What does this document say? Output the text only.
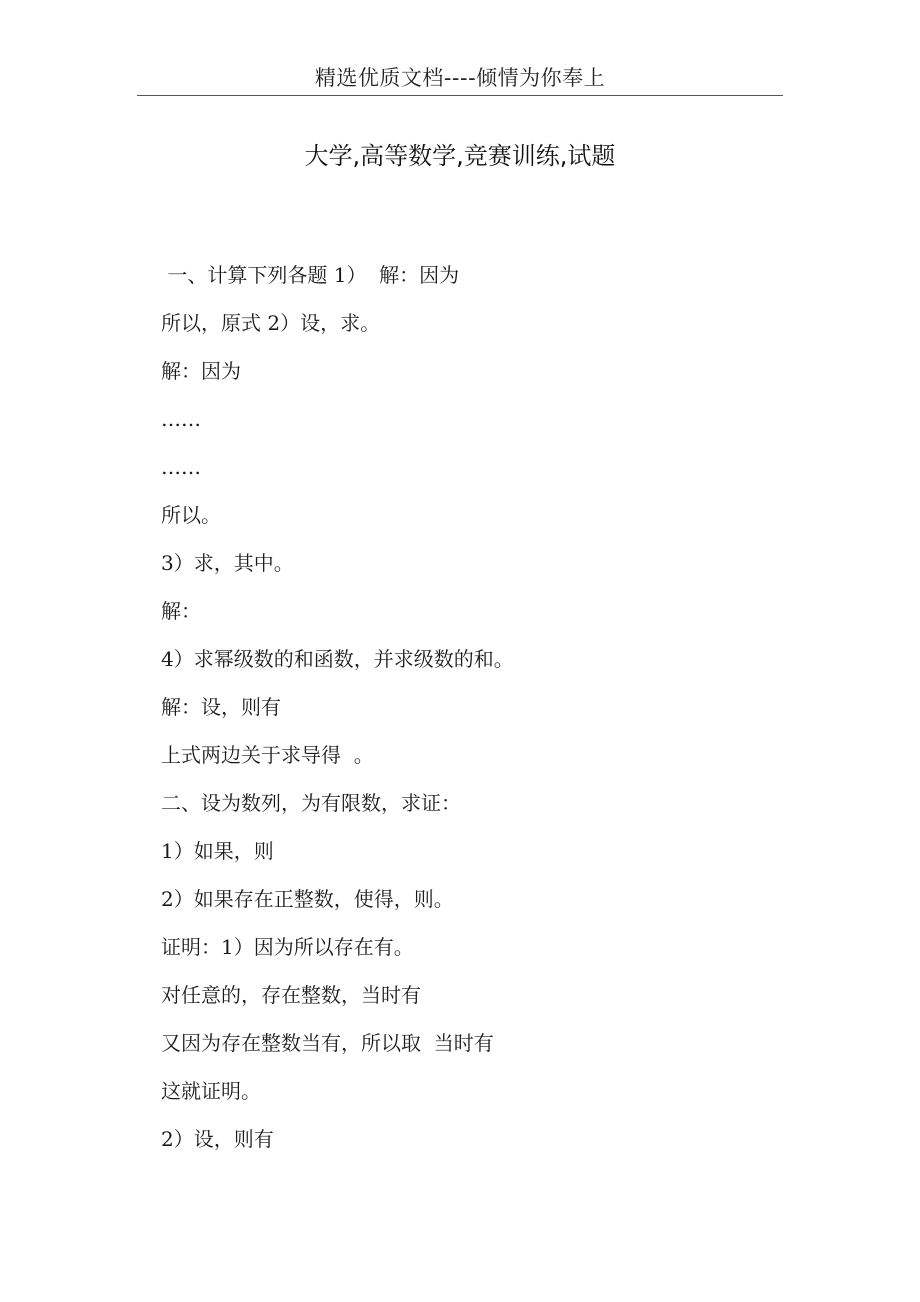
精选优质文档----倾情为你奉上
大学,高等数学,竞赛训练,试题
一、计算下列各题 1）  解：因为
所以，原式 2）设，求。
解：因为
……
……
所以。
3）求，其中。
解：
4）求幂级数的和函数，并求级数的和。
解：设，则有
上式两边关于求导得  。
二、设为数列，为有限数，求证：
1）如果，则
2）如果存在正整数，使得，则。
证明：1）因为所以存在有。
对任意的，存在整数，当时有
又因为存在整数当有，所以取  当时有
这就证明。
2）设，则有
